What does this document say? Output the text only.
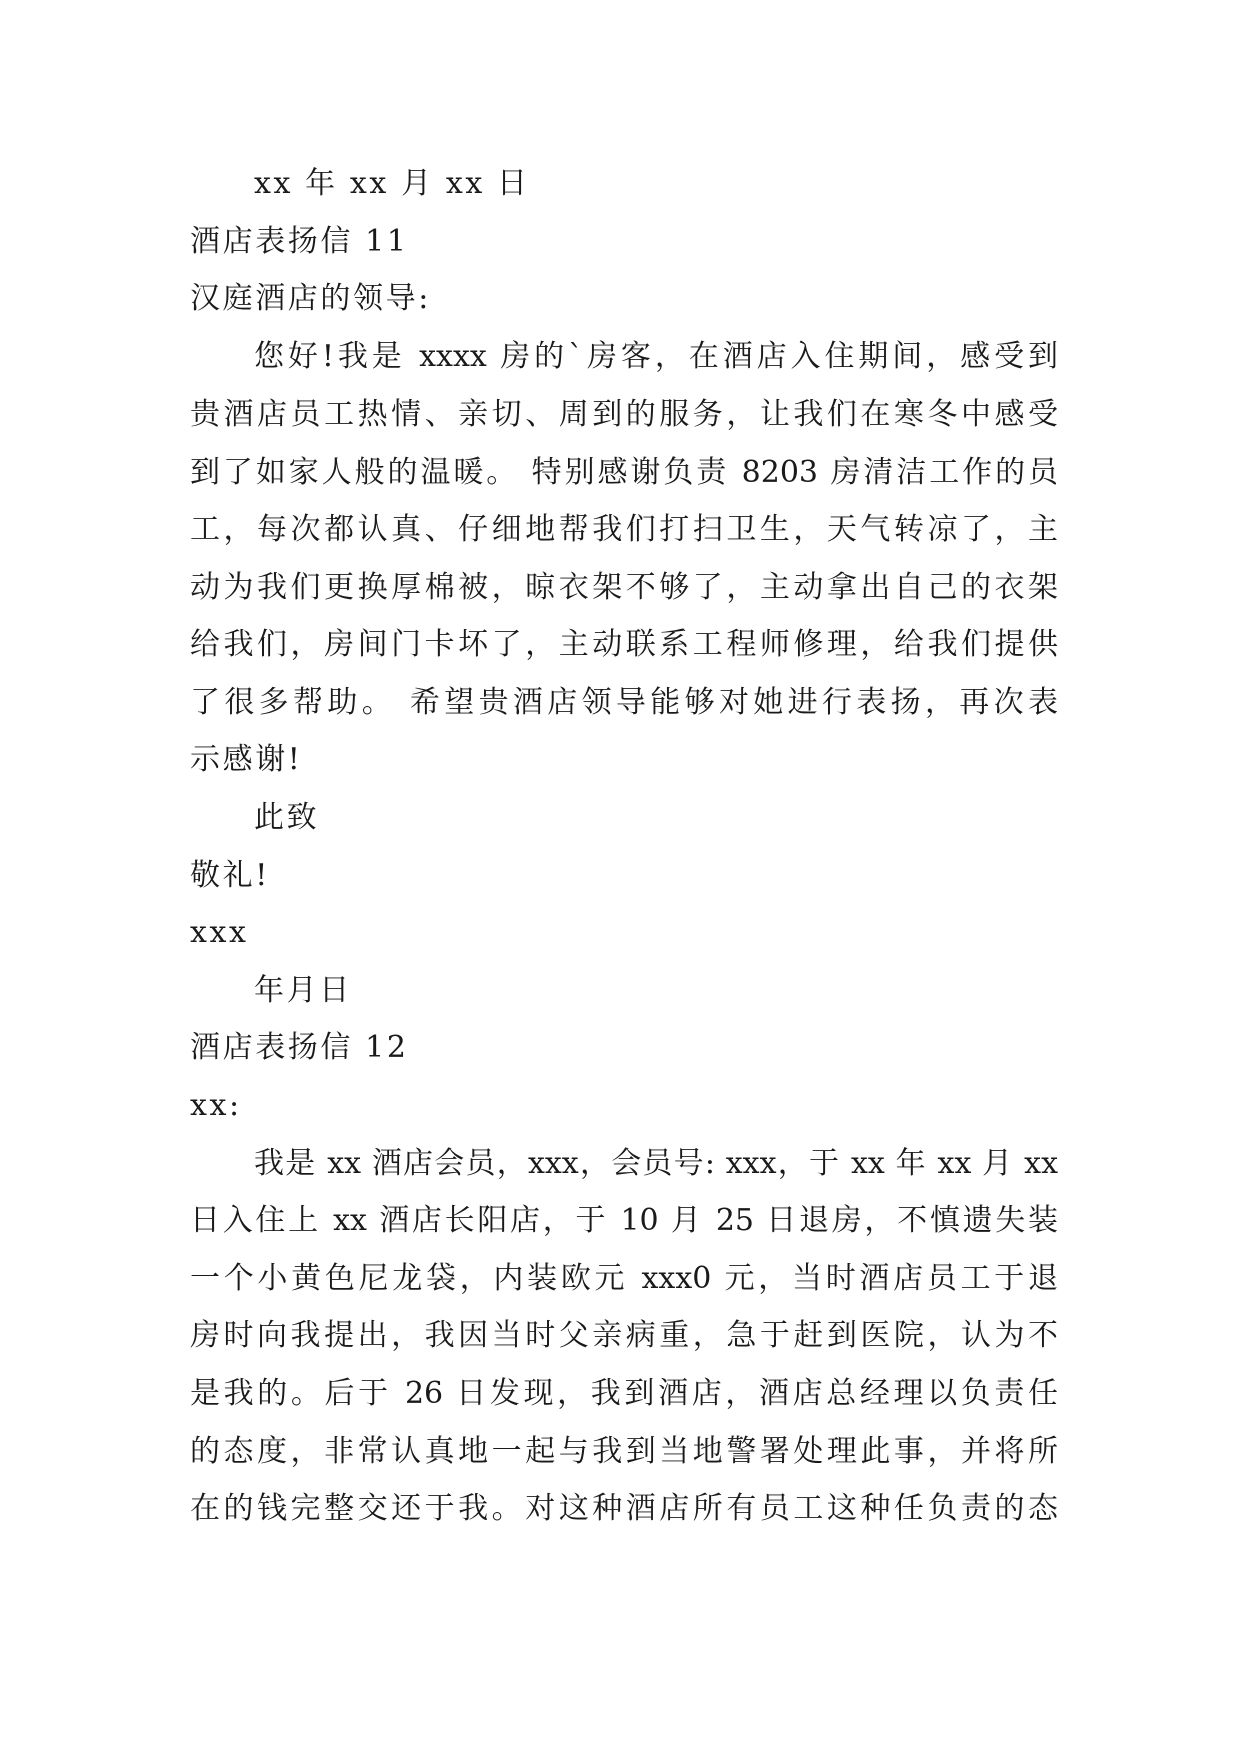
xx 年 xx 月 xx 日
酒店表扬信 11
汉庭酒店的领导:
您好!我是 xxxx 房的`房客，在酒店入住期间，感受到
贵酒店员工热情、亲切、周到的服务，让我们在寒冬中感受
到了如家人般的温暖。 特别感谢负责 8203 房清洁工作的员
工，每次都认真、仔细地帮我们打扫卫生，天气转凉了，主
动为我们更换厚棉被，晾衣架不够了，主动拿出自己的衣架
给我们，房间门卡坏了，主动联系工程师修理，给我们提供
了很多帮助。 希望贵酒店领导能够对她进行表扬，再次表
示感谢!
此致
敬礼!
xxx
年月日
酒店表扬信 12
xx:
我是 xx 酒店会员，xxx，会员号: xxx，于 xx 年 xx 月 xx
日入住上 xx 酒店长阳店，于 10 月 25 日退房，不慎遗失装
一个小黄色尼龙袋，内装欧元 xxx0 元，当时酒店员工于退
房时向我提出，我因当时父亲病重，急于赶到医院，认为不
是我的。后于 26 日发现，我到酒店，酒店总经理以负责任
的态度，非常认真地一起与我到当地警署处理此事，并将所
在的钱完整交还于我。对这种酒店所有员工这种任负责的态
